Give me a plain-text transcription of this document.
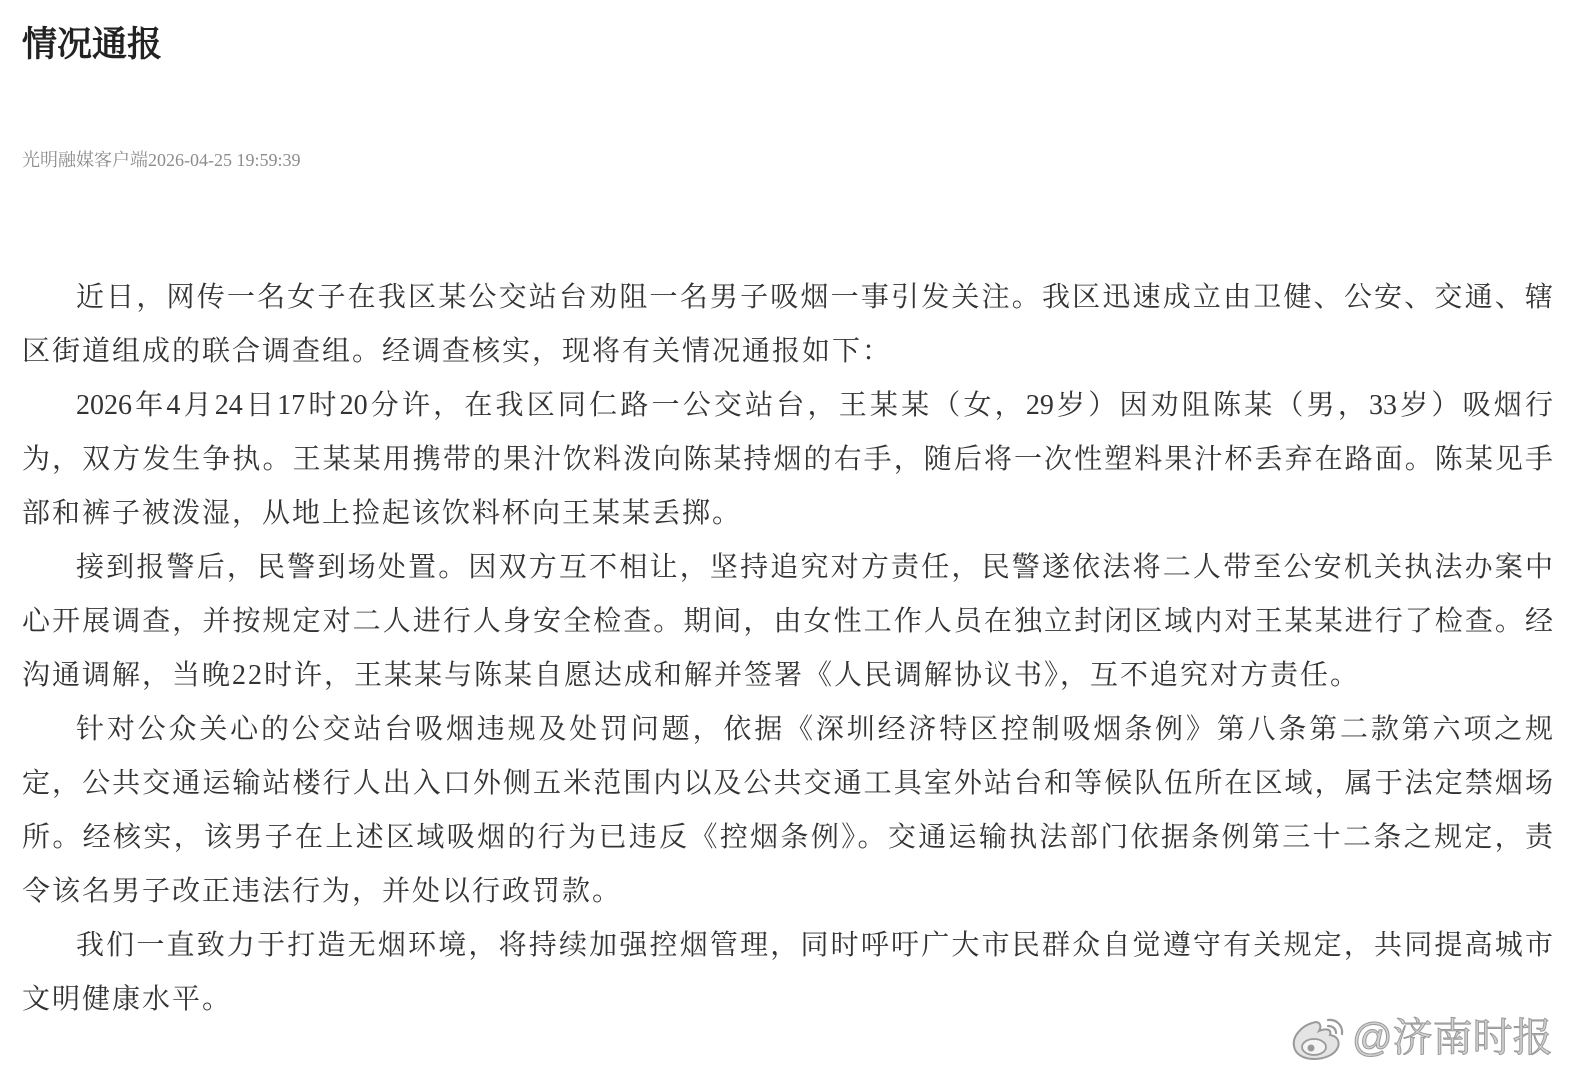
情况通报
光明融媒客户端2026-04-25 19:59:39
近日，网传一名女子在我区某公交站台劝阻一名男子吸烟一事引发关注。我区迅速成立由卫健、公安、交通、辖
区街道组成的联合调查组。经调查核实，现将有关情况通报如下：
2026年4月24日17时20分许，在我区同仁路一公交站台，王某某（女，29岁）因劝阻陈某（男，33岁）吸烟行
为，双方发生争执。王某某用携带的果汁饮料泼向陈某持烟的右手，随后将一次性塑料果汁杯丢弃在路面。陈某见手
部和裤子被泼湿，从地上捡起该饮料杯向王某某丢掷。
接到报警后，民警到场处置。因双方互不相让，坚持追究对方责任，民警遂依法将二人带至公安机关执法办案中
心开展调查，并按规定对二人进行人身安全检查。期间，由女性工作人员在独立封闭区域内对王某某进行了检查。经
沟通调解，当晚22时许，王某某与陈某自愿达成和解并签署《人民调解协议书》，互不追究对方责任。
针对公众关心的公交站台吸烟违规及处罚问题，依据《深圳经济特区控制吸烟条例》第八条第二款第六项之规
定，公共交通运输站楼行人出入口外侧五米范围内以及公共交通工具室外站台和等候队伍所在区域，属于法定禁烟场
所。经核实，该男子在上述区域吸烟的行为已违反《控烟条例》。交通运输执法部门依据条例第三十二条之规定，责
令该名男子改正违法行为，并处以行政罚款。
我们一直致力于打造无烟环境，将持续加强控烟管理，同时呼吁广大市民群众自觉遵守有关规定，共同提高城市
文明健康水平。
@济南时报
